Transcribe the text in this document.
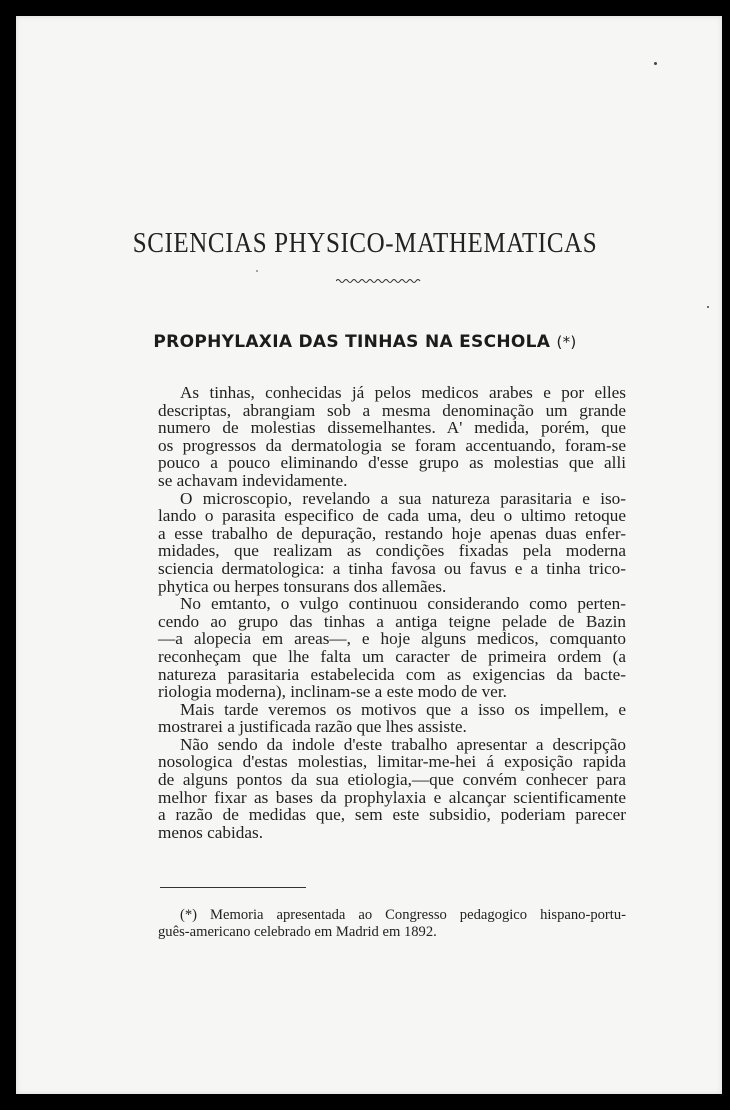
SCIENCIAS PHYSICO-MATHEMATICAS
PROPHYLAXIA DAS TINHAS NA ESCHOLA (*)
As tinhas, conhecidas já pelos medicos arabes e por elles
descriptas, abrangiam sob a mesma denominação um grande
numero de molestias dissemelhantes. A' medida, porém, que
os progressos da dermatologia se foram accentuando, foram-se
pouco a pouco eliminando d'esse grupo as molestias que alli
se achavam indevidamente.
O microscopio, revelando a sua natureza parasitaria e iso-
lando o parasita especifico de cada uma, deu o ultimo retoque
a esse trabalho de depuração, restando hoje apenas duas enfer-
midades, que realizam as condições fixadas pela moderna
sciencia dermatologica: a tinha favosa ou favus e a tinha trico-
phytica ou herpes tonsurans dos allemães.
No emtanto, o vulgo continuou considerando como perten-
cendo ao grupo das tinhas a antiga teigne pelade de Bazin
—a alopecia em areas—, e hoje alguns medicos, comquanto
reconheçam que lhe falta um caracter de primeira ordem (a
natureza parasitaria estabelecida com as exigencias da bacte-
riologia moderna), inclinam-se a este modo de ver.
Mais tarde veremos os motivos que a isso os impellem, e
mostrarei a justificada razão que lhes assiste.
Não sendo da indole d'este trabalho apresentar a descripção
nosologica d'estas molestias, limitar-me-hei á exposição rapida
de alguns pontos da sua etiologia,—que convém conhecer para
melhor fixar as bases da prophylaxia e alcançar scientificamente
a razão de medidas que, sem este subsidio, poderiam parecer
menos cabidas.
(*) Memoria apresentada ao Congresso pedagogico hispano-portu-
guês-americano celebrado em Madrid em 1892.
